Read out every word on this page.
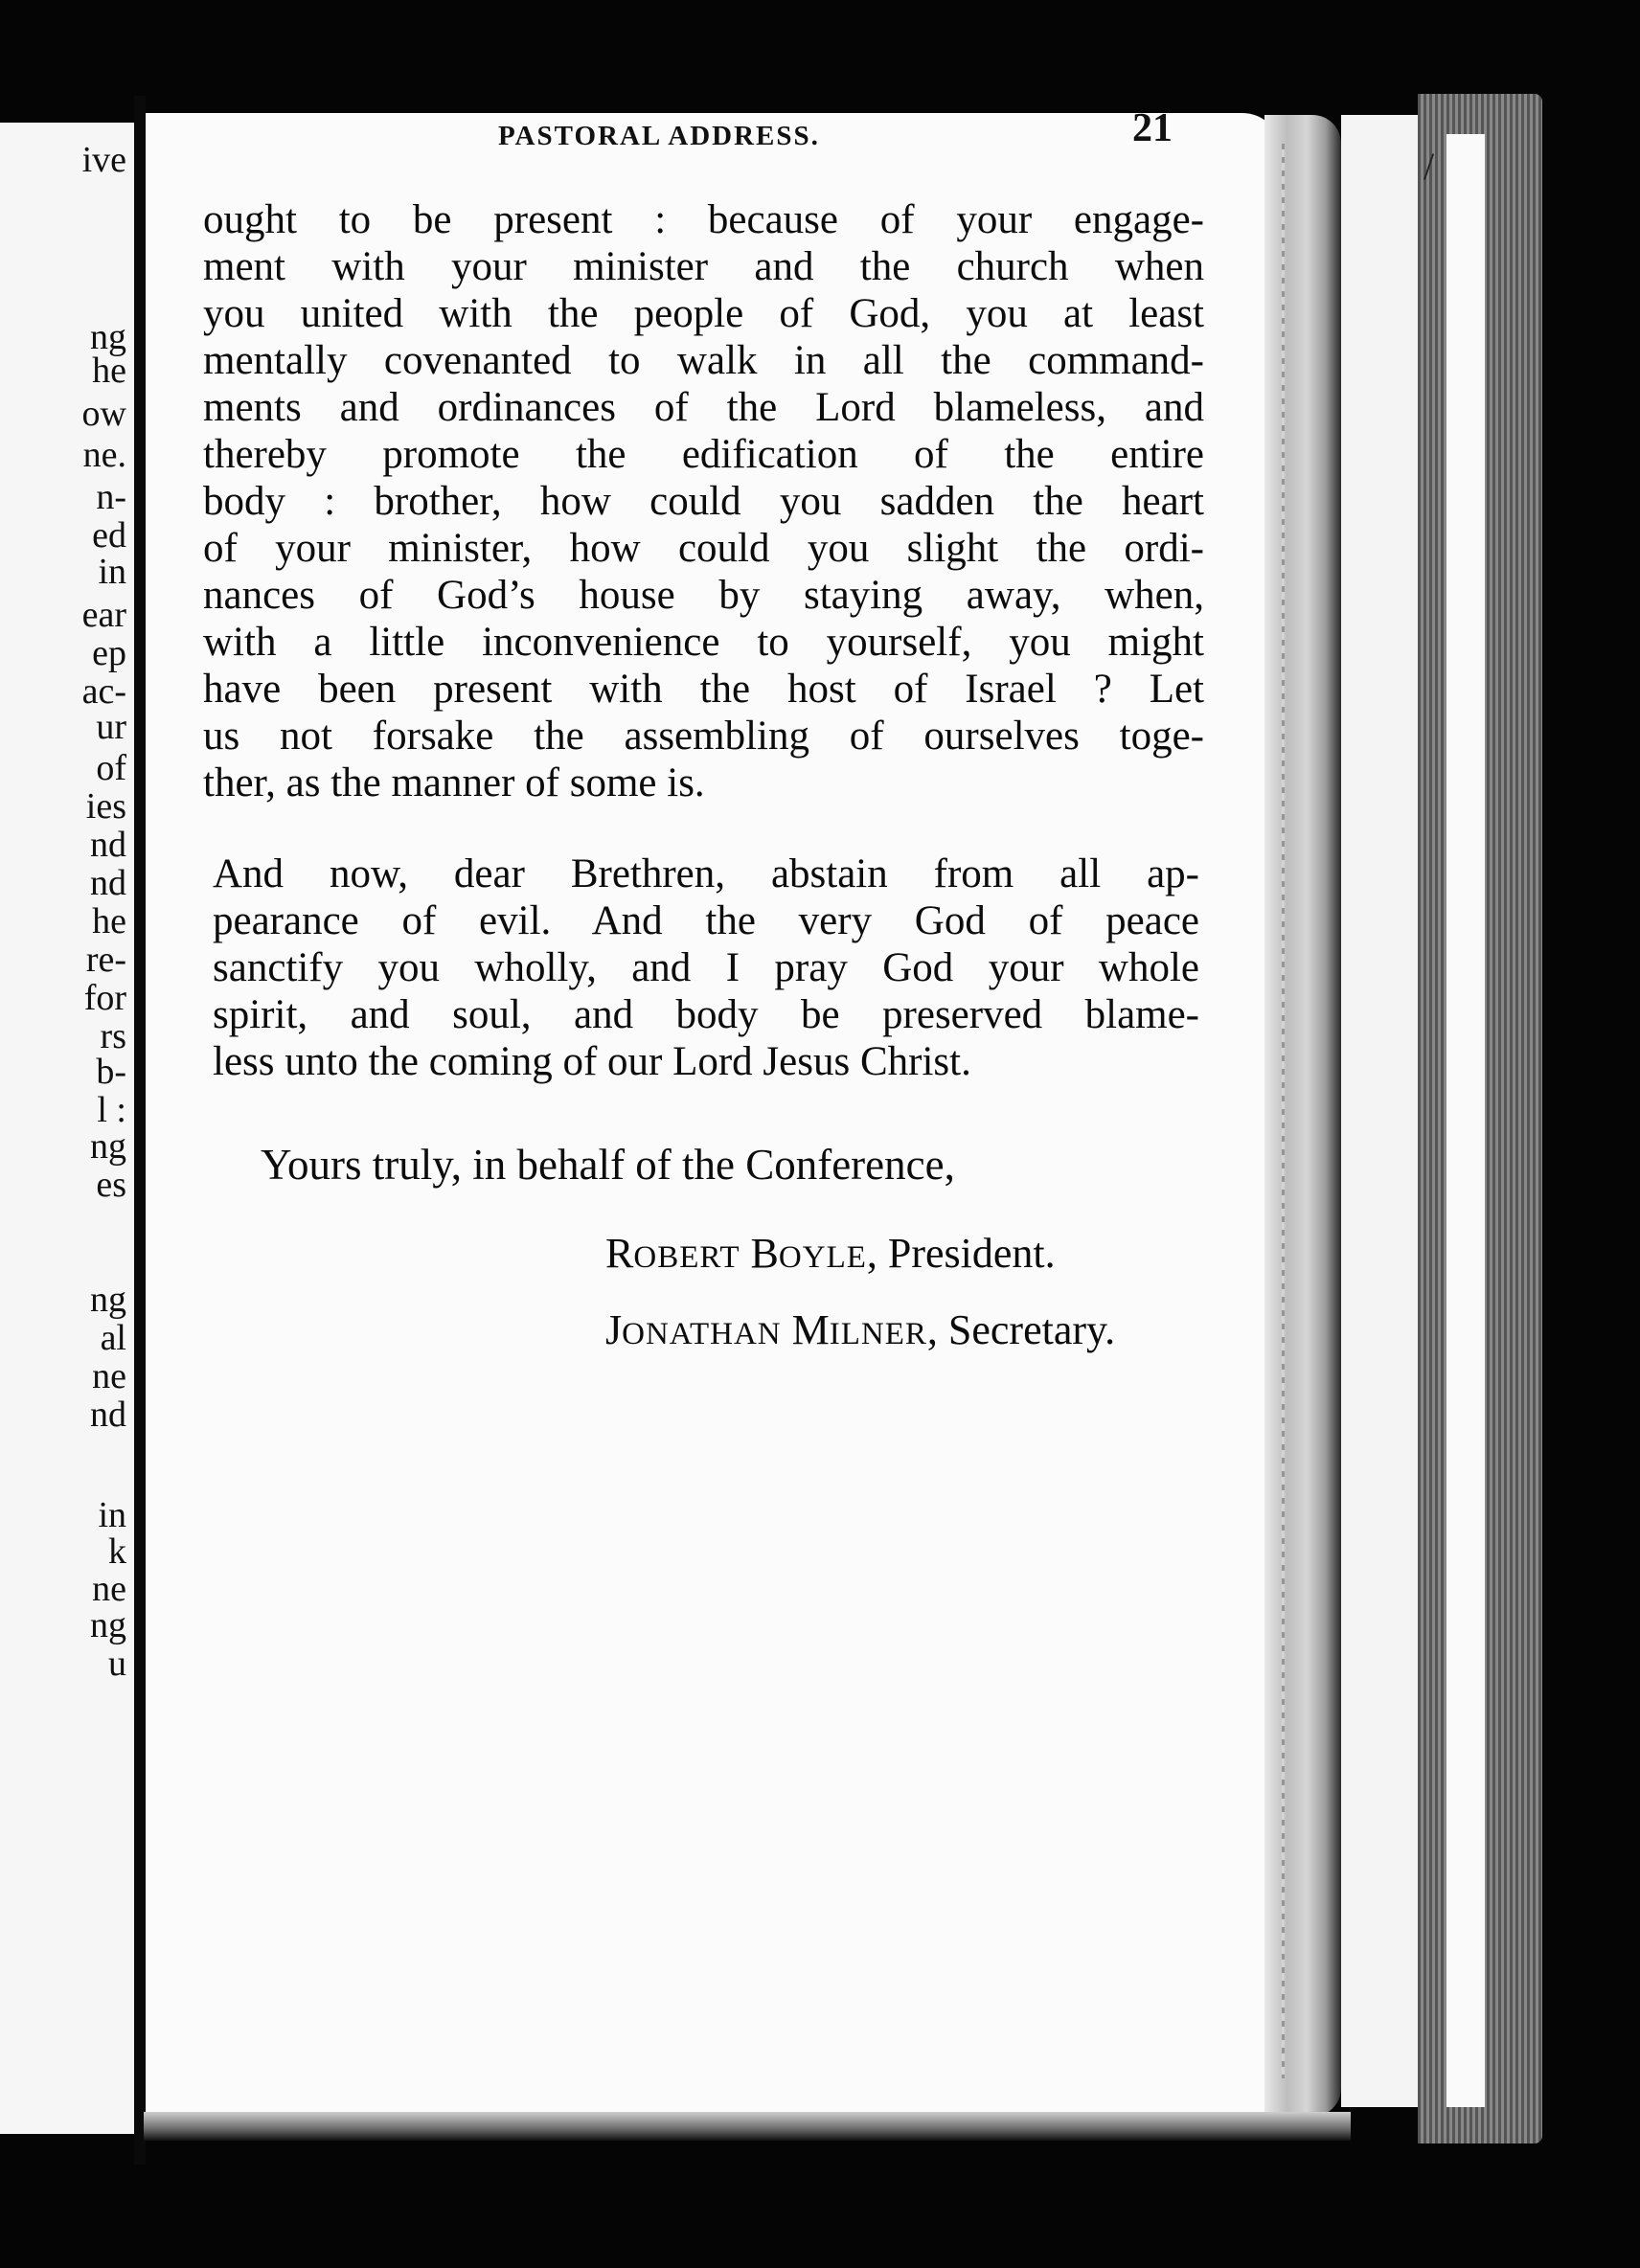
ive
ng
he
ow
ne.
n-
ed
in
ear
ep
ac-
ur
of
ies
nd
nd
he
re-
for
rs
b-
l :
ng
es
ng
al
ne
nd
in
k
ne
ng
u
/
PASTORAL ADDRESS.	21
ought to be present : because of your engage-
ment with your minister and the church when
you united with the people of God, you at least
mentally covenanted to walk in all the command-
ments and ordinances of the Lord blameless, and
thereby promote the edification of the entire
body : brother, how could you sadden the heart
of your minister, how could you slight the ordi-
nances of God’s house by staying away, when,
with a little inconvenience to yourself, you might
have been present with the host of Israel ? Let
us not forsake the assembling of ourselves toge-
ther, as the manner of some is.
And now, dear Brethren, abstain from all ap-
pearance of evil. And the very God of peace
sanctify you wholly, and I pray God your whole
spirit, and soul, and body be preserved blame-
less unto the coming of our Lord Jesus Christ.
Yours truly, in behalf of the Conference,
ROBERT BOYLE, President.
JONATHAN MILNER, Secretary.
